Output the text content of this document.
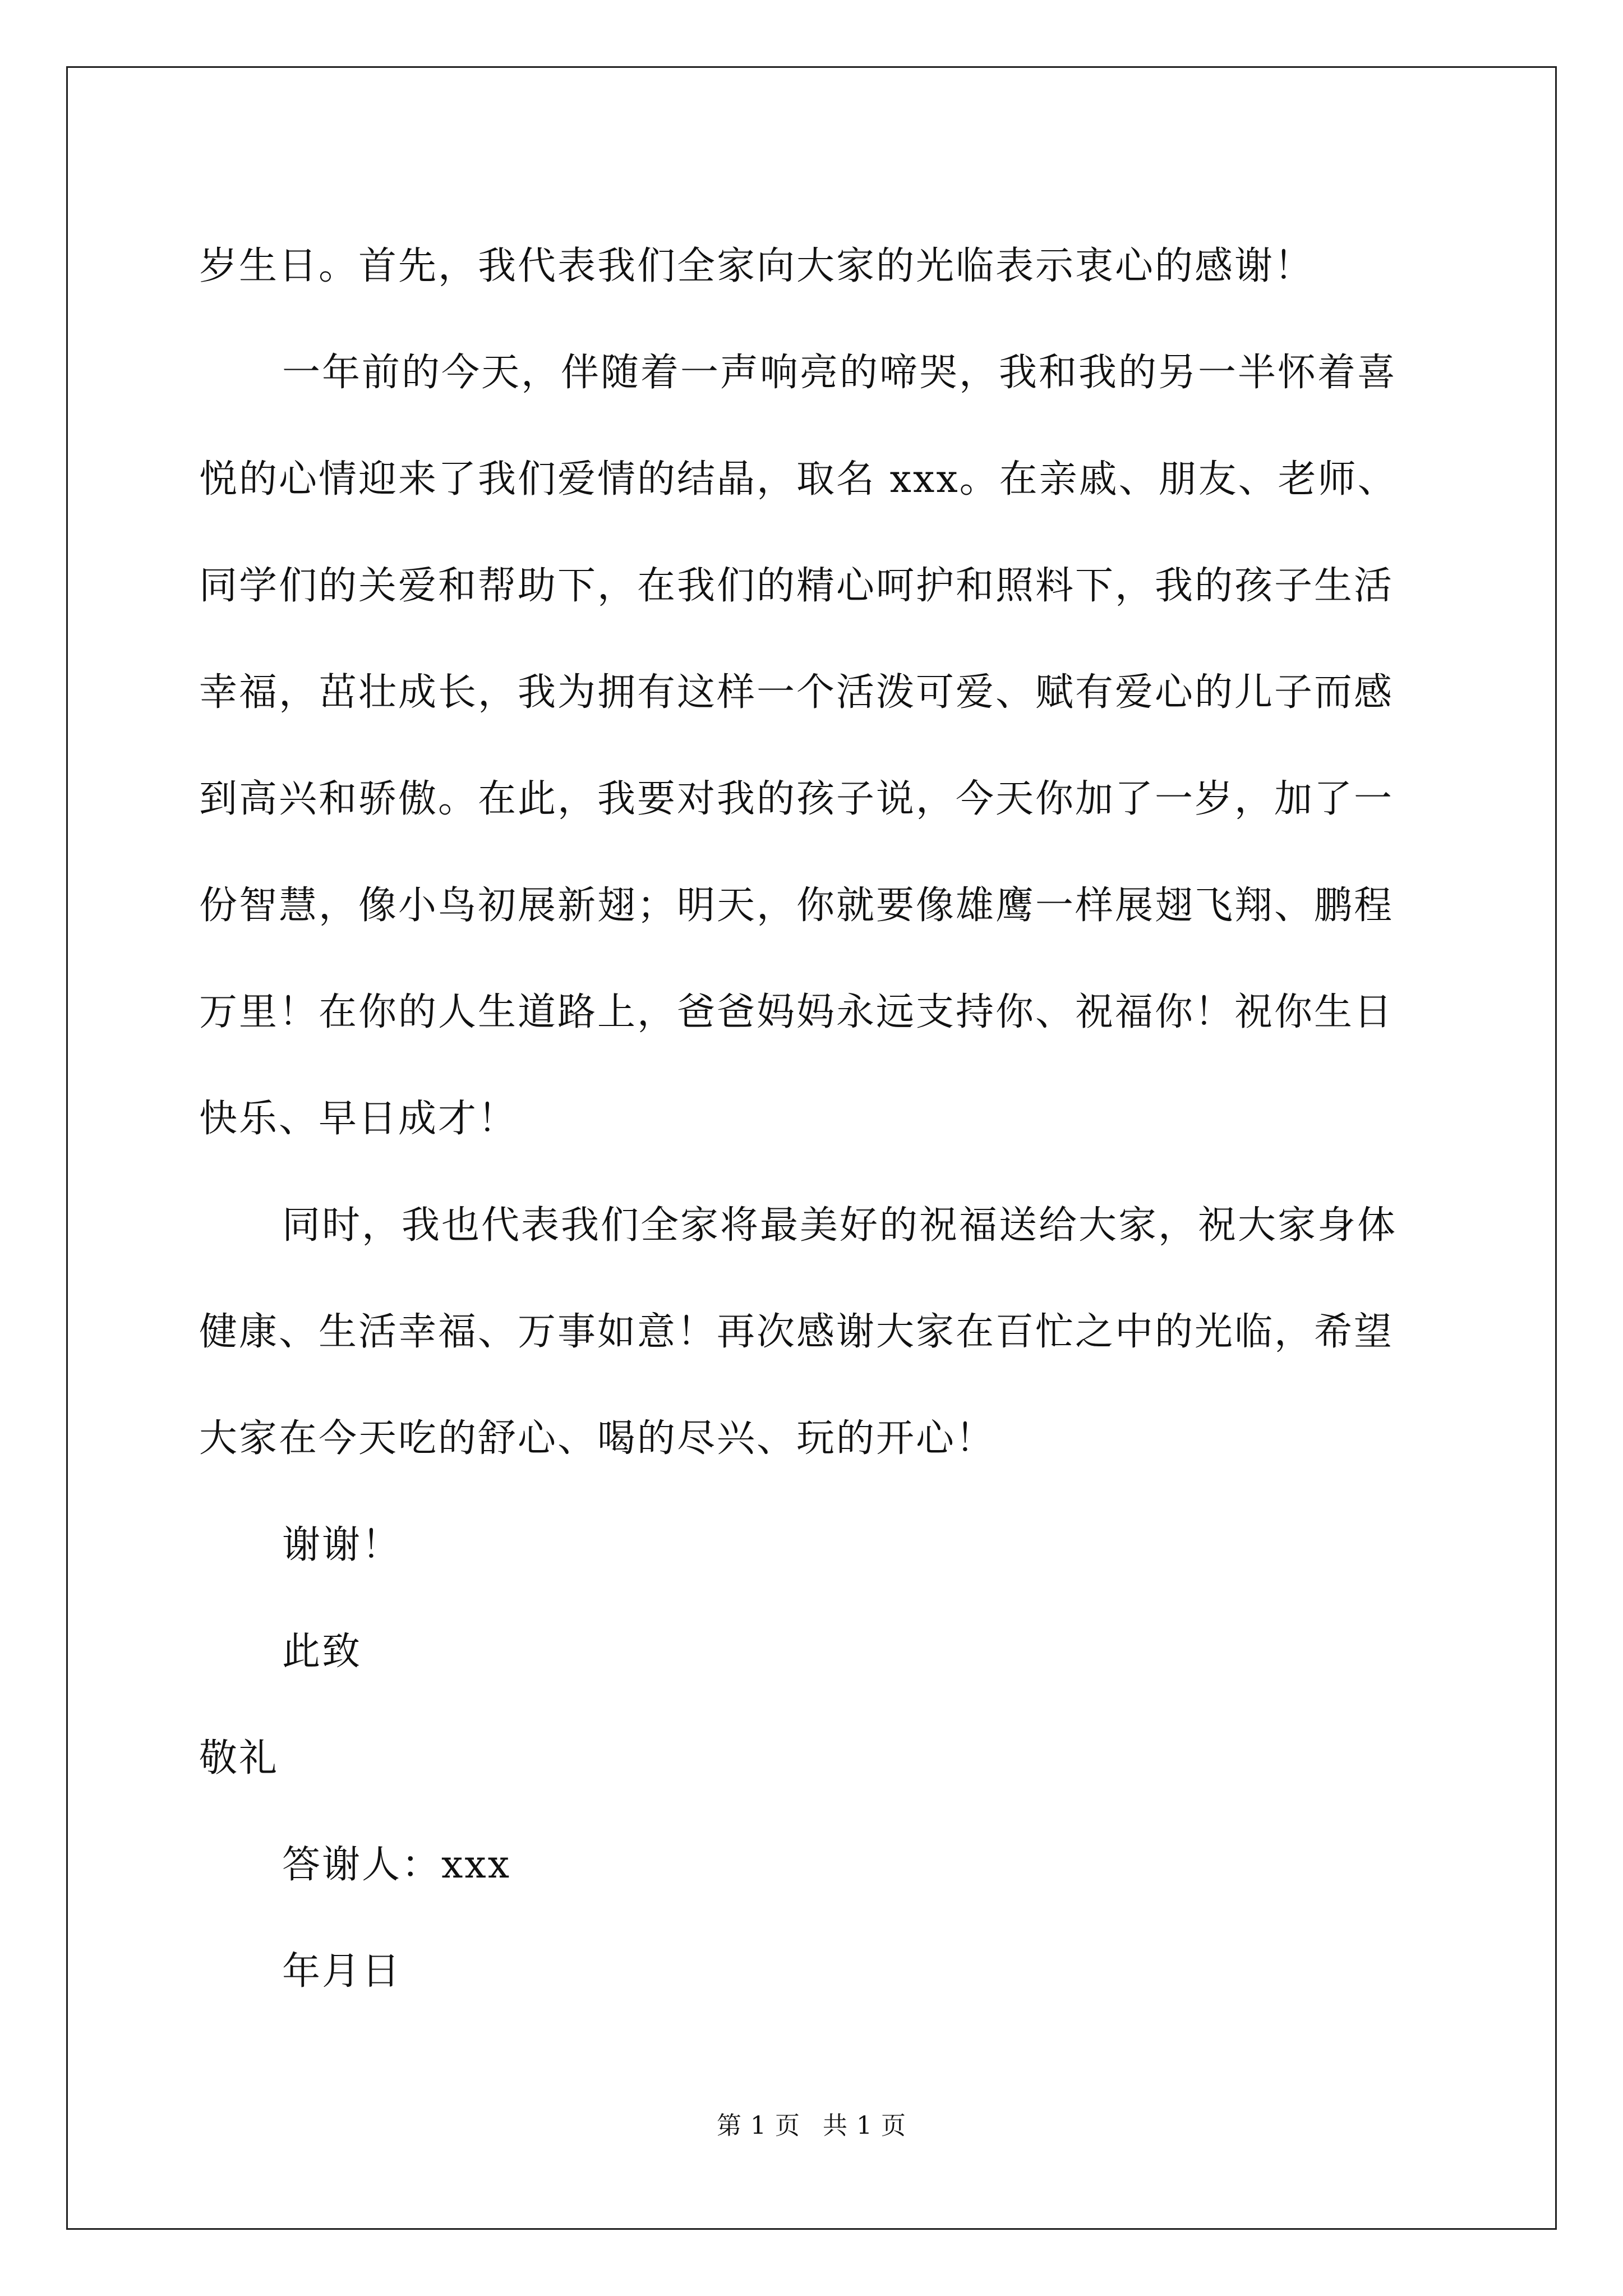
岁生日。首先，我代表我们全家向大家的光临表示衷心的感谢！
一年前的今天，伴随着一声响亮的啼哭，我和我的另一半怀着喜
悦的心情迎来了我们爱情的结晶，取名 xxx。在亲戚、朋友、老师、
同学们的关爱和帮助下，在我们的精心呵护和照料下，我的孩子生活
幸福，茁壮成长，我为拥有这样一个活泼可爱、赋有爱心的儿子而感
到高兴和骄傲。在此，我要对我的孩子说，今天你加了一岁，加了一
份智慧，像小鸟初展新翅；明天，你就要像雄鹰一样展翅飞翔、鹏程
万里！在你的人生道路上，爸爸妈妈永远支持你、祝福你！祝你生日
快乐、早日成才！
同时，我也代表我们全家将最美好的祝福送给大家，祝大家身体
健康、生活幸福、万事如意！再次感谢大家在百忙之中的光临，希望
大家在今天吃的舒心、喝的尽兴、玩的开心！
谢谢！
此致
敬礼
答谢人：xxx
年月日

第 1 页 共 1 页
